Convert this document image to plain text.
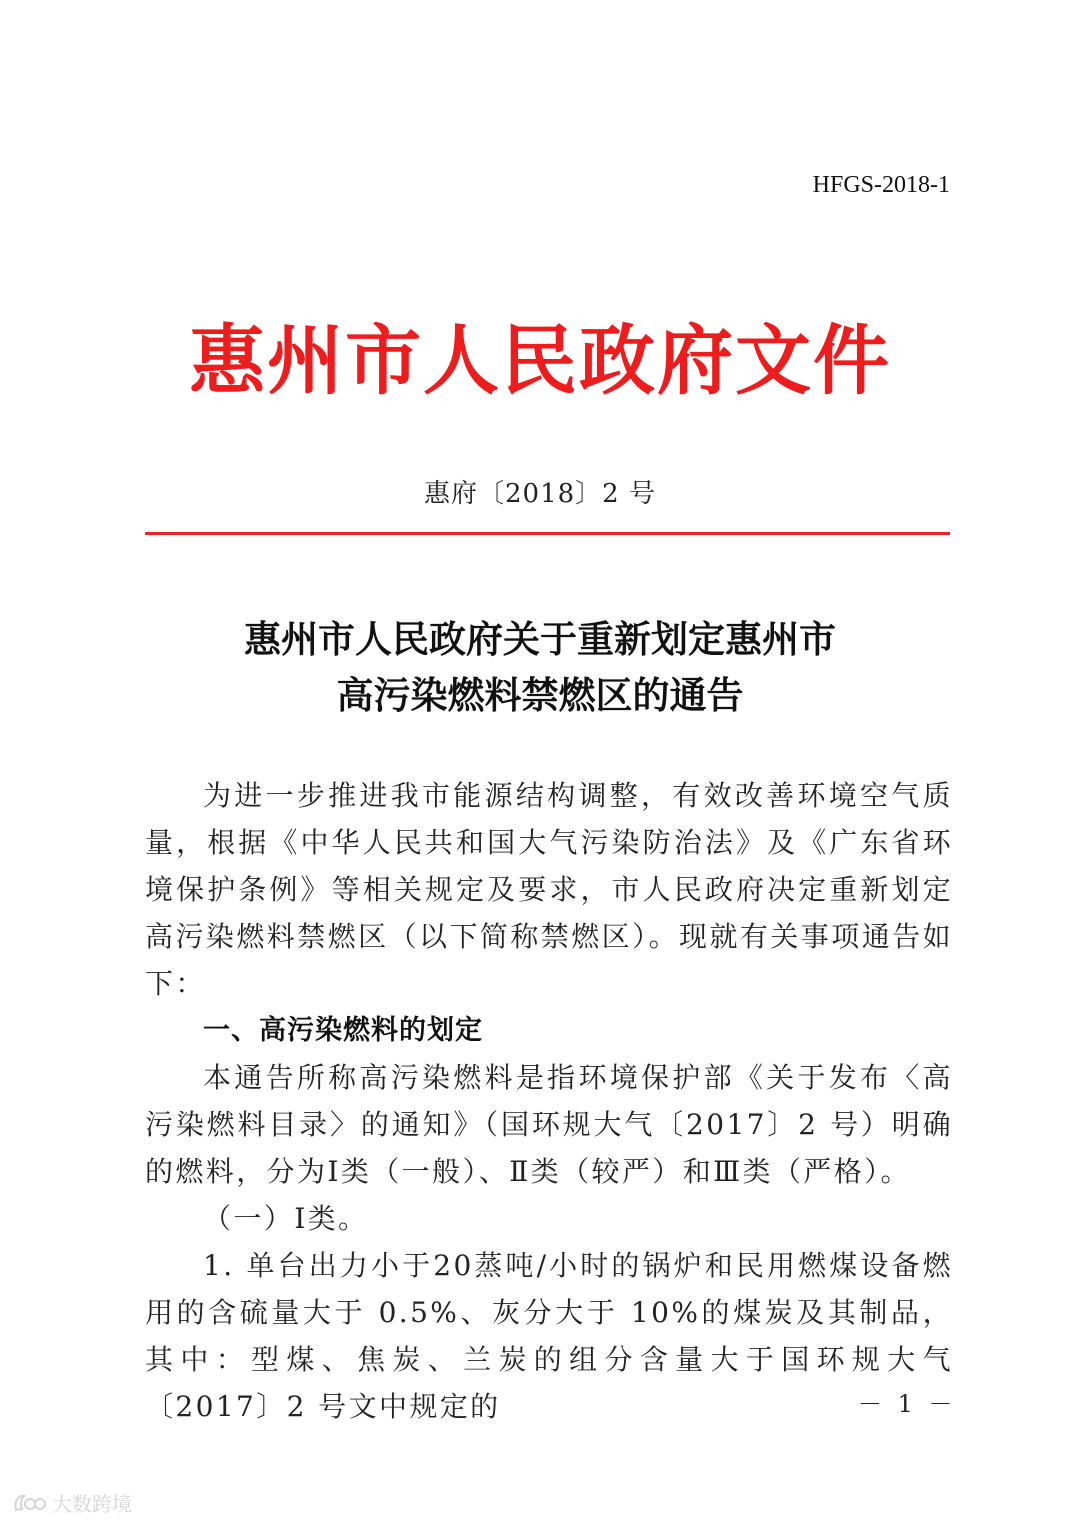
HFGS-2018-1
惠州市人民政府文件
惠府〔2018〕2 号
惠州市人民政府关于重新划定惠州市
高污染燃料禁燃区的通告

为进一步推进我市能源结构调整，有效改善环境空气质量，根据《中华人民共和国大气污染防治法》及《广东省环境保护条例》等相关规定及要求，市人民政府决定重新划定高污染燃料禁燃区（以下简称禁燃区）。现就有关事项通告如下：

一、高污染燃料的划定

本通告所称高污染燃料是指环境保护部《关于发布〈高污染燃料目录〉的通知》（国环规大气〔2017〕2 号）明确的燃料，分为Ⅰ类（一般）、Ⅱ类（较严）和Ⅲ类（严格）。

（一）Ⅰ类。

1. 单台出力小于20蒸吨/小时的锅炉和民用燃煤设备燃用的含硫量大于 0.5%、灰分大于 10%的煤炭及其制品，其中：型煤、焦炭、兰炭的组分含量大于国环规大气〔2017〕2 号文中规定的	－ 1 －
大数跨境
